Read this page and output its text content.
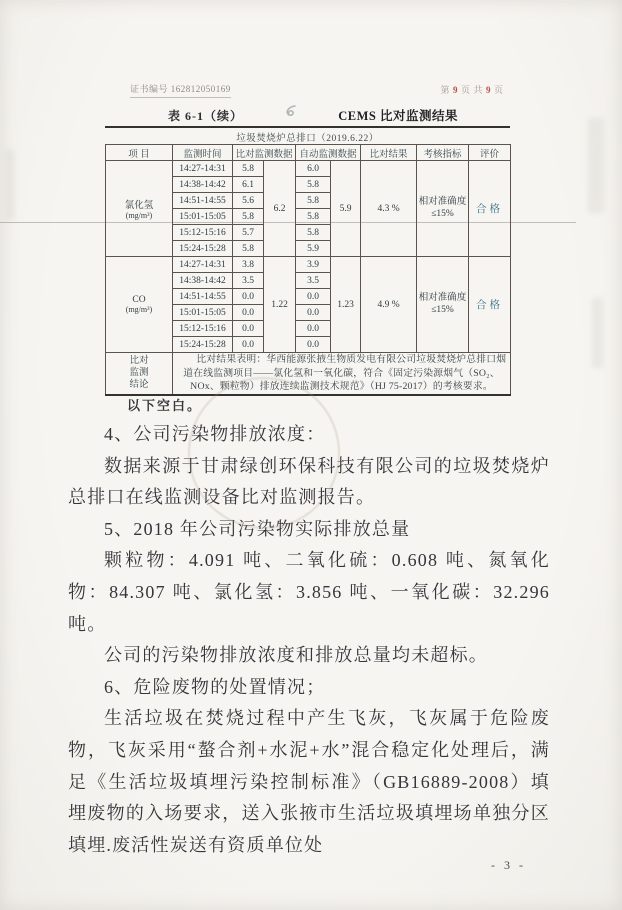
证书编号 162812050169	第 9 页 共 9 页
表 6-1（续）	CEMS 比对监测结果
垃圾焚烧炉总排口（2019.6.22）
项 目	监测时间	比对监测数据		自动监测数据		比对结果	考核指标	评价

氯化氢
(mg/m³)	14:27-14:31	5.8	6.2	6.0	5.9	4.3 %	相对准确度≤15%	合格
	14:38-14:42	6.1		5.8				
	14:51-14:55	5.6		5.8				
	15:01-15:05	5.8		5.8				
	15:12-15:16	5.7		5.8				
	15:24-15:28	5.8		5.9				

CO
(mg/m³)	14:27-14:31	3.8	1.22	3.9	1.23	4.9 %	相对准确度≤15%	合格
	14:38-14:42	3.5		3.5				
	14:51-14:55	0.0		0.0				
	15:01-15:05	0.0		0.0				
	15:12-15:16	0.0		0.0				
	15:24-15:28	0.0		0.0				

比对
监测
结论	比对结果表明：华西能源张掖生物质发电有限公司垃圾焚烧炉总排口烟道在线监测项目——氯化氢和一氧化碳，符合《固定污染源烟气（SO₂、NOx、颗粒物）排放连续监测技术规范》（HJ 75-2017）的考核要求。							
以下空白。

4、公司污染物排放浓度：

数据来源于甘肃绿创环保科技有限公司的垃圾焚烧炉总排口在线监测设备比对监测报告。

5、2018 年公司污染物实际排放总量

颗粒物：4.091 吨、二氧化硫：0.608 吨、氮氧化物：84.307 吨、氯化氢：3.856 吨、一氧化碳：32.296 吨。

公司的污染物排放浓度和排放总量均未超标。

6、危险废物的处置情况；

生活垃圾在焚烧过程中产生飞灰，飞灰属于危险废物，飞灰采用“螯合剂+水泥+水”混合稳定化处理后，满足《生活垃圾填埋污染控制标准》（GB16889-2008）填埋废物的入场要求，送入张掖市生活垃圾填埋场单独分区填埋.废活性炭送有资质单位处

- 3 -
